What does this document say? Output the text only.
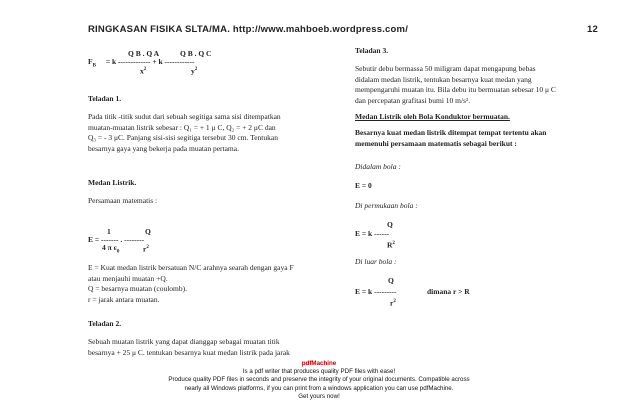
RINGKASAN FISIKA SLTA/MA. http://www.mahboeb.wordpress.com/	12
Q B . Q A	Q B . Q C
$F_B = k$ ------------- + k ------------
$x^2$	$y^2$
Teladan 1.
Pada titik -titik sudut dari sebuah segitiga sama sisi ditempatkan
muatan-muatan listrik sebesar : Q₁ = + 1 μ C, Q₂ = + 2 μC dan
Q₃ = - 3 μC. Panjang sisi-sisi segitiga tersebut 30 cm. Tentukan
besarnya gaya yang bekerja pada muatan pertama.
Medan Listrik.
Persamaan matematis :
1	Q
E = ------- . --------
4 π $\varepsilon_0$	$r^2$
E = Kuat medan listrik bersatuan N/C arahnya searah dengan gaya F
atau menjauhi muatan +Q.
Q = besarnya muatan (coulomb).
r = jarak antara muatan.
Teladan 2.
Sebuah muatan listrik yang dapat dianggap sebagai muatan titik
besarnya + 25 μ C. tentukan besarnya kuat medan listrik pada jarak
Teladan 3.
Sebutir debu bermassa 50 miligram dapat mengapung bebas
didalam medan listrik, tentukan besarnya kuat medan yang
mempengaruhi muatan itu. Bila debu itu bermuatan sebesar 10 μ C
dan percepatan grafitasi bumi 10 m/s².
Medan Listrik oleh Bola Konduktor bermuatan.
Besarnya kuat medan listrik ditempat tempat tertentu akan
memenuhi persamaan matematis sebagai berikut :
Didalam bola :
E = 0
Di permukaan bola :
Q
E = k ------
$R^2$
Di luar bola :
Q
E = k ---------	dimana r > R
$r^2$
pdfMachine
Is a pdf writer that produces quality PDF files with ease!
Produce quality PDF files in seconds and preserve the integrity of your original documents. Compatible across
nearly all Windows platforms, if you can print from a windows application you can use pdfMachine.
Get yours now!
